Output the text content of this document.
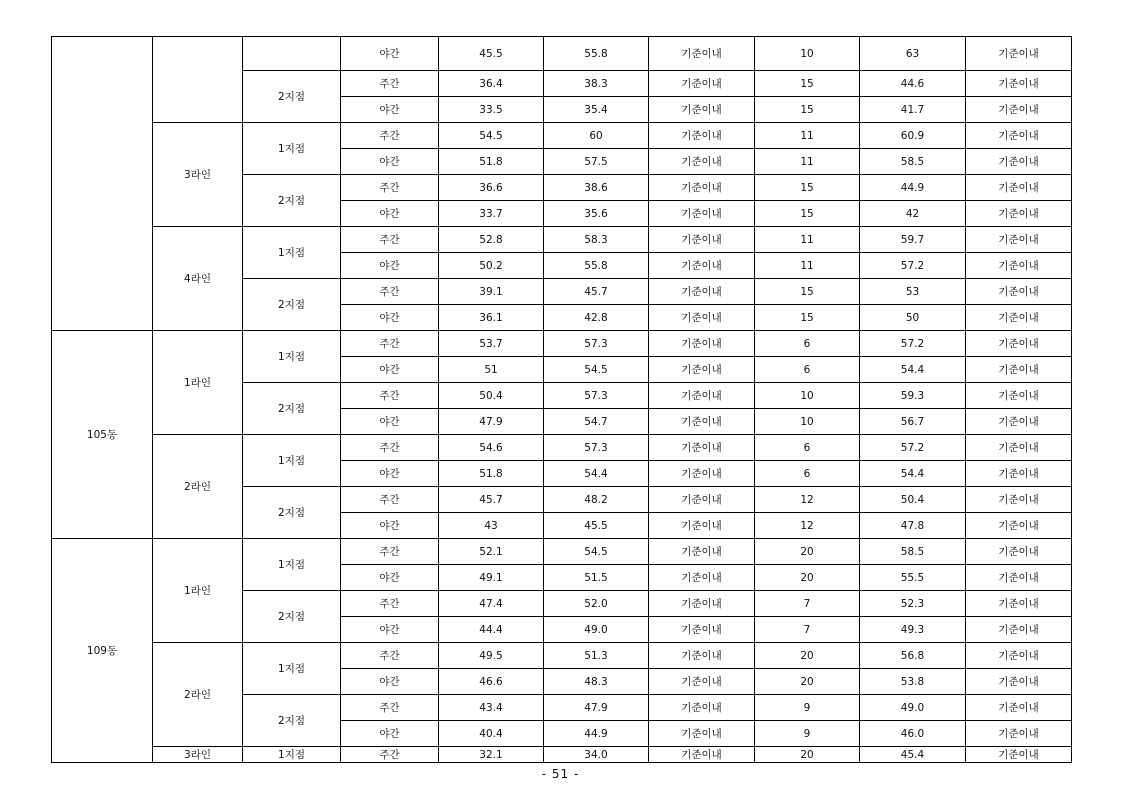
			야간	45.5	55.8	기준이내	10	63	기준이내
		2지점	주간	36.4	38.3	기준이내	15	44.6	기준이내
			야간	33.5	35.4	기준이내	15	41.7	기준이내
	3라인	1지점	주간	54.5	60	기준이내	11	60.9	기준이내
			야간	51.8	57.5	기준이내	11	58.5	기준이내
		2지점	주간	36.6	38.6	기준이내	15	44.9	기준이내
			야간	33.7	35.6	기준이내	15	42	기준이내
	4라인	1지점	주간	52.8	58.3	기준이내	11	59.7	기준이내
			야간	50.2	55.8	기준이내	11	57.2	기준이내
		2지점	주간	39.1	45.7	기준이내	15	53	기준이내
			야간	36.1	42.8	기준이내	15	50	기준이내
105동	1라인	1지점	주간	53.7	57.3	기준이내	6	57.2	기준이내
			야간	51	54.5	기준이내	6	54.4	기준이내
		2지점	주간	50.4	57.3	기준이내	10	59.3	기준이내
			야간	47.9	54.7	기준이내	10	56.7	기준이내
	2라인	1지점	주간	54.6	57.3	기준이내	6	57.2	기준이내
			야간	51.8	54.4	기준이내	6	54.4	기준이내
		2지점	주간	45.7	48.2	기준이내	12	50.4	기준이내
			야간	43	45.5	기준이내	12	47.8	기준이내
109동	1라인	1지점	주간	52.1	54.5	기준이내	20	58.5	기준이내
			야간	49.1	51.5	기준이내	20	55.5	기준이내
		2지점	주간	47.4	52.0	기준이내	7	52.3	기준이내
			야간	44.4	49.0	기준이내	7	49.3	기준이내
	2라인	1지점	주간	49.5	51.3	기준이내	20	56.8	기준이내
			야간	46.6	48.3	기준이내	20	53.8	기준이내
		2지점	주간	43.4	47.9	기준이내	9	49.0	기준이내
			야간	40.4	44.9	기준이내	9	46.0	기준이내
	3라인	1지점	주간	32.1	34.0	기준이내	20	45.4	기준이내
- 51 -
